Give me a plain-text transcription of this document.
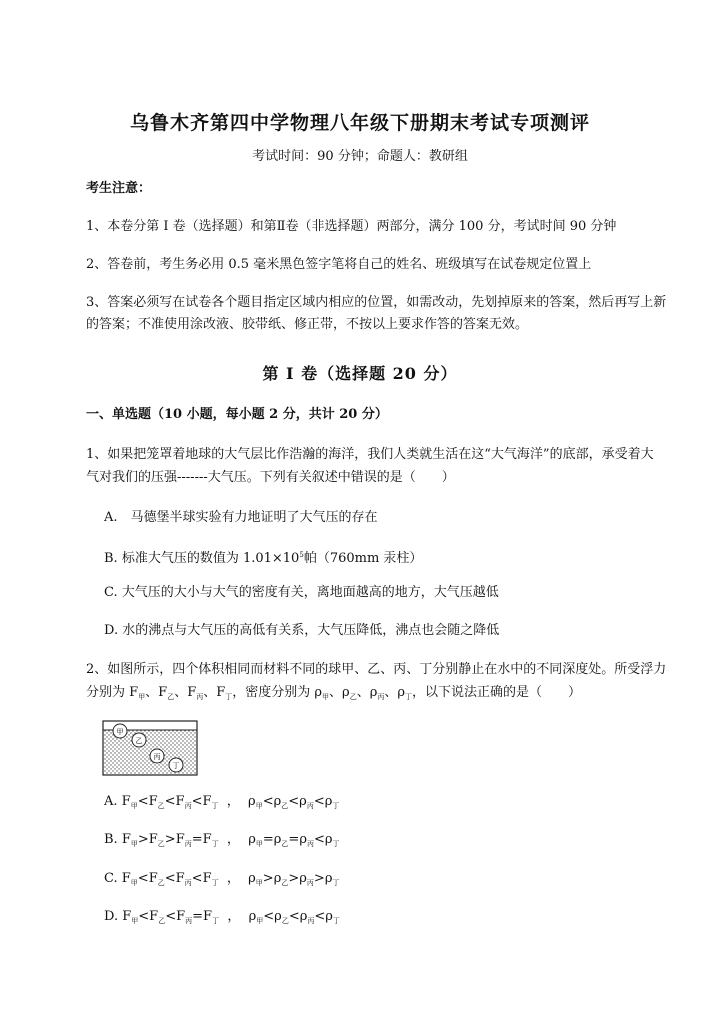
乌鲁木齐第四中学物理八年级下册期末考试专项测评
考试时间：90 分钟；命题人：教研组
考生注意：
1、本卷分第 I 卷（选择题）和第Ⅱ卷（非选择题）两部分，满分 100 分，考试时间 90 分钟
2、答卷前，考生务必用 0.5 毫米黑色签字笔将自己的姓名、班级填写在试卷规定位置上
3、答案必须写在试卷各个题目指定区域内相应的位置，如需改动，先划掉原来的答案，然后再写上新
的答案；不准使用涂改液、胶带纸、修正带，不按以上要求作答的答案无效。
第 I 卷（选择题 20 分）
一、单选题（10 小题，每小题 2 分，共计 20 分）
1、如果把笼罩着地球的大气层比作浩瀚的海洋，我们人类就生活在这“大气海洋”的底部，承受着大
气对我们的压强-------大气压。下列有关叙述中错误的是（　　）
A.　马德堡半球实验有力地证明了大气压的存在
B. 标准大气压的数值为 $1.01\times 10^5$帕（760mm 汞柱）
C. 大气压的大小与大气的密度有关，离地面越高的地方，大气压越低
D. 水的沸点与大气压的高低有关系，大气压降低，沸点也会随之降低
2、如图所示，四个体积相同而材料不同的球甲、乙、丙、丁分别静止在水中的不同深度处。所受浮力
分别为 $F_甲$、$F_乙$、$F_丙$、$F_丁$，密度分别为 $\rho_甲$、$\rho_乙$、$\rho_丙$、$\rho_丁$，以下说法正确的是（　　）
甲
乙
丙
丁
A. $F_甲<F_乙<F_丙<F_丁$  ，  $\rho_甲<\rho_乙<\rho_丙<\rho_丁$
B. $F_甲>F_乙>F_丙=F_丁$  ，  $\rho_甲=\rho_乙=\rho_丙<\rho_丁$
C. $F_甲<F_乙<F_丙<F_丁$  ，  $\rho_甲>\rho_乙>\rho_丙>\rho_丁$
D. $F_甲<F_乙<F_丙=F_丁$  ，  $\rho_甲<\rho_乙<\rho_丙<\rho_丁$
